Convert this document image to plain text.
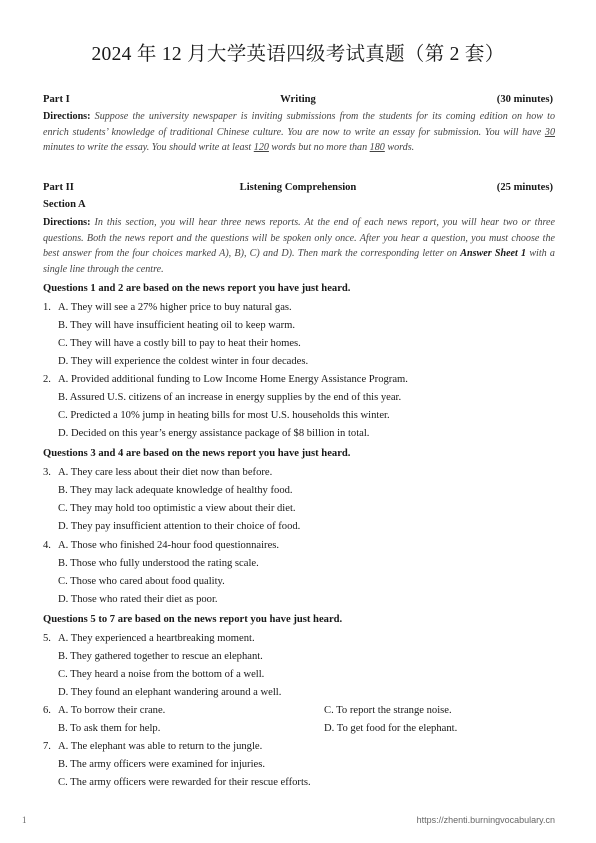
2024 年 12 月大学英语四级考试真题（第 2 套）
Part I	Writing	(30 minutes)
Directions: Suppose the university newspaper is inviting submissions from the students for its coming edition on how to enrich students’ knowledge of traditional Chinese culture. You are now to write an essay for submission. You will have 30 minutes to write the essay. You should write at least 120 words but no more than 180 words.
Part II	Listening Comprehension	(25 minutes)
Section A
Directions: In this section, you will hear three news reports. At the end of each news report, you will hear two or three questions. Both the news report and the questions will be spoken only once. After you hear a question, you must choose the best answer from the four choices marked A), B), C) and D). Then mark the corresponding letter on Answer Sheet 1 with a single line through the centre.
Questions 1 and 2 are based on the news report you have just heard.
1. A. They will see a 27% higher price to buy natural gas.
B. They will have insufficient heating oil to keep warm.
C. They will have a costly bill to pay to heat their homes.
D. They will experience the coldest winter in four decades.
2. A. Provided additional funding to Low Income Home Energy Assistance Program.
B. Assured U.S. citizens of an increase in energy supplies by the end of this year.
C. Predicted a 10% jump in heating bills for most U.S. households this winter.
D. Decided on this year’s energy assistance package of $8 billion in total.
Questions 3 and 4 are based on the news report you have just heard.
3. A. They care less about their diet now than before.
B. They may lack adequate knowledge of healthy food.
C. They may hold too optimistic a view about their diet.
D. They pay insufficient attention to their choice of food.
4. A. Those who finished 24-hour food questionnaires.
B. Those who fully understood the rating scale.
C. Those who cared about food quality.
D. Those who rated their diet as poor.
Questions 5 to 7 are based on the news report you have just heard.
5. A. They experienced a heartbreaking moment.
B. They gathered together to rescue an elephant.
C. They heard a noise from the bottom of a well.
D. They found an elephant wandering around a well.
6. A. To borrow their crane.	C. To report the strange noise.
B. To ask them for help.	D. To get food for the elephant.
7. A. The elephant was able to return to the jungle.
B. The army officers were examined for injuries.
C. The army officers were rewarded for their rescue efforts.
1	https://zhenti.burningvocabulary.cn
